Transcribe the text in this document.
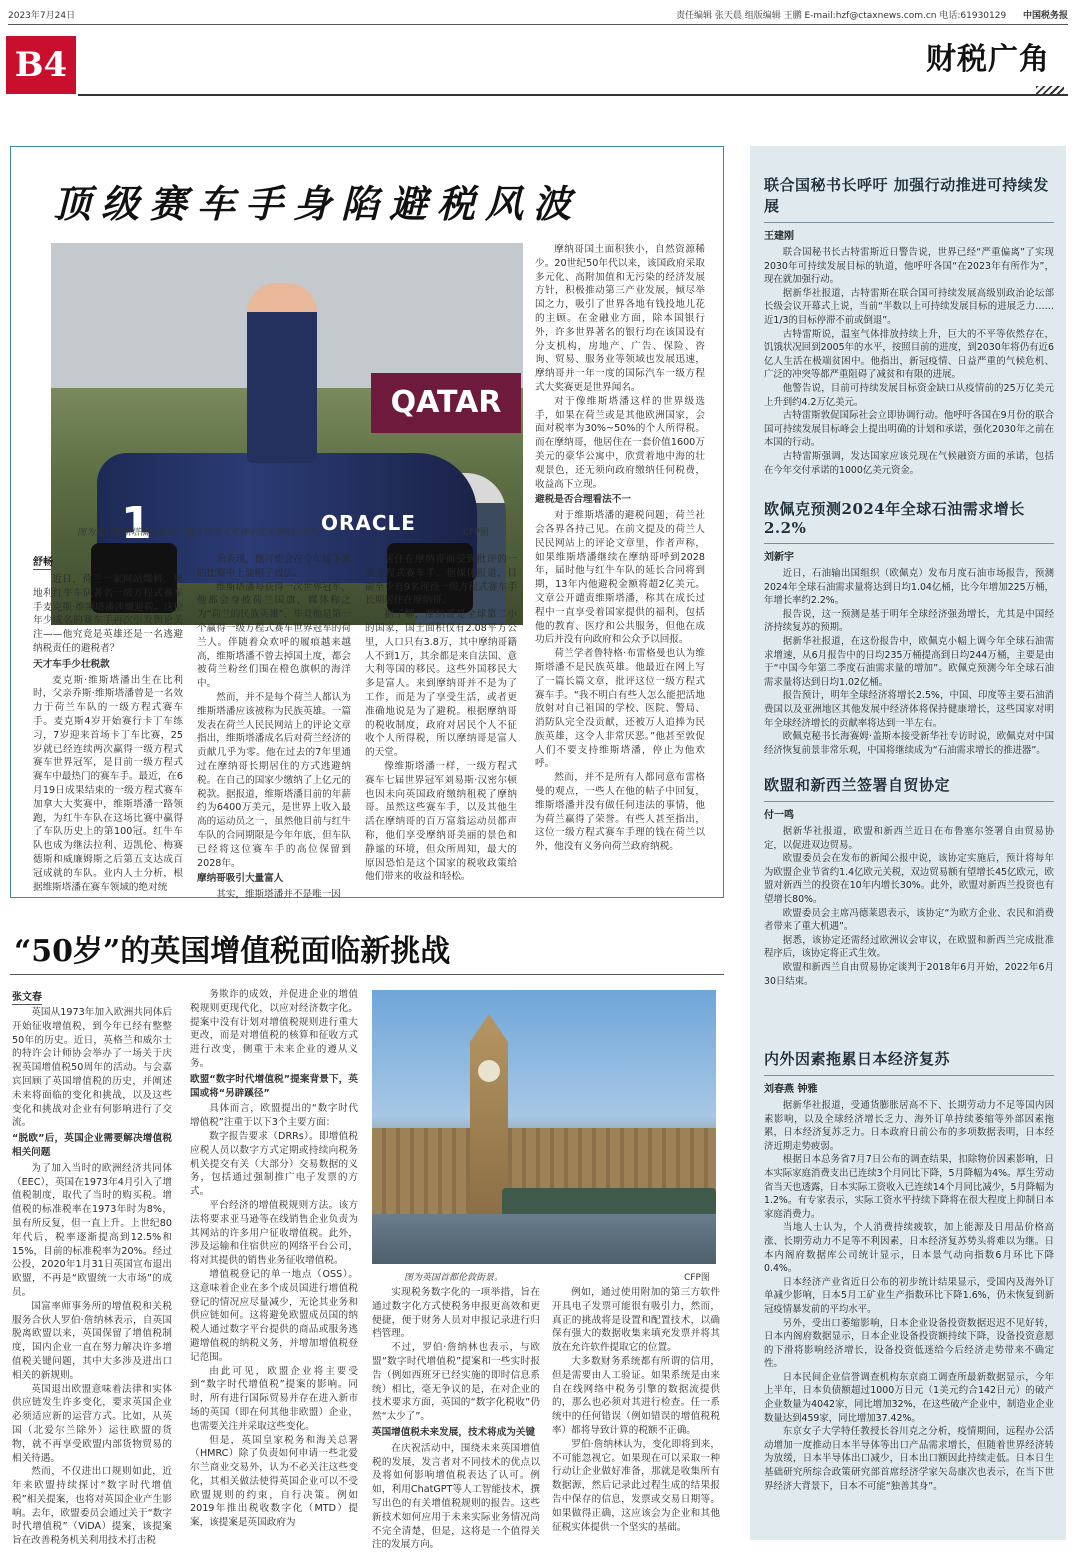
2023年7月24日	责任编辑 张天晨 组版编辑 王鹏 E-mail:hzf@ctaxnews.com.cn 电话:61930129 中国税务报
B4	财税广角
顶级赛车手身陷避税风波
QATAR
1	ORACLE
图为近日维斯塔潘在英国一级方程式大奖赛中迎来第6站夺冠。	CFP图
舒畅

近日，荷兰一家网站爆料，奥地利红牛车队著名一级方程式赛车手麦克斯·维斯塔潘涉嫌避税。这位年少成名的赛车手再次引发舆论关注——他究竟是英雄还是一名逃避纳税责任的避税者？

天才车手少壮税款

麦克斯·维斯塔潘出生在比利时，父亲乔斯·维斯塔潘曾是一名效力于荷兰车队的一级方程式赛车手。麦克斯4岁开始赛行卡丁车练习，7岁迎来首场卡丁车比赛，25岁就已经连续两次赢得一级方程式赛车世界冠军，是目前一级方程式赛车中最热门的赛车手。最近，在6月19日成果结束的一级方程式赛车加拿大大奖赛中，维斯塔潘一路领跑，为红牛车队在这场比赛中赢得了车队历史上的第100冠。红牛车队也成为继法拉利、迈凯伦、梅赛德斯和威廉姆斯之后第五支达成百冠成就的车队。业内人士分析，根据维斯塔潘在赛车领域的绝对统

治表现，他可能会在今年接下来的比赛中上演帽子戏法。

维斯塔潘每获得一次世界冠军，他都会身披荷兰国旗，媒体称之为“荷兰的民族英雄”，毕竟他是第一个赢得一级方程式赛车世界冠军的荷兰人。伴随着众欢呼的履痕越来越高，维斯塔潘不曾去掉国土度，都会被荷兰粉丝们围在橙色旗帜的海洋中。

然而，并不是每个荷兰人都认为维斯塔潘应该被称为民族英雄。一篇发表在荷兰人民民网站上的评论文章指出，维斯塔潘成名后对荷兰经济的贡献几乎为零。他在过去的7年里通过在摩纳哥长期居住的方式逃避纳税。在自己的国家少缴纳了上亿元的税款。据报道，维斯塔潘目前的年薪约为6400万美元，是世界上收入最高的运动员之一，虽然他目前与红牛车队的合同期限是今年年底，但车队已经将这位赛车手的高位保留到2028年。

摩纳哥吸引大量富人

其实，维斯塔潘并不是唯一因

居住在摩纳哥而受到批评的一级方程式赛车手。据媒体报道，目前至少有9名现役一级方程式赛车手长期居住在摩纳哥。

据了解，摩纳哥是全球第二小的国家，国土面积仅有2.08平方公里，人口只有3.8万，其中摩纳哥籍人不到1万，其余都是来自法国、意大利等国的移民。这些外国移民大多是富人。来到摩纳哥并不是为了工作，而是为了享受生活，或者更准确地说是为了避税。根据摩纳哥的税收制度，政府对居民个人不征收个人所得税，所以摩纳哥是富人的天堂。

像维斯塔潘一样，一级方程式赛车七届世界冠军刘易斯·汉密尔顿也因未向英国政府缴纳租税了摩纳哥。虽然这些赛车手，以及其他生活在摩纳哥的百万富翁运动员都声称，他们享受摩纳哥美丽的景色和静谧的环境，但众所周知，最大的原因恐怕是这个国家的税收政策给他们带来的收益和轻松。

摩纳哥国土面积狭小，自然资源稀少。20世纪50年代以来，该国政府采取多元化、高附加值和无污染的经济发展方针，积极推动第三产业发展，倾尽举国之力，吸引了世界各地有钱投地儿花的主顾。在金融业方面，除本国银行外，许多世界著名的银行均在该国设有分支机构，房地产、广告、保险、咨询、贸易、服务业等领域也发展迅速，摩纳哥并一年一度的国际汽车一级方程式大奖赛更是世界闻名。

对于像维斯塔潘这样的世界级选手，如果在荷兰或是其他欧洲国家，会面对税率为30%~50%的个人所得税。而在摩纳哥，他居住在一套价值1600万美元的豪华公寓中，欣赏着地中海的壮观景色，还无须向政府缴纳任何税费，收益高下立现。

避税是否合理看法不一

对于维斯塔潘的避税问题，荷兰社会各界各持己见。在前文提及的荷兰人民民网站上的评论文章里，作者声称，如果维斯塔潘继续在摩纳哥呼到2028年，届时他与红牛车队的延长合同将到期，13年内他避税金额将超2亿美元。文章公开谴责维斯塔潘，称其在成长过程中一直享受着国家提供的福利，包括他的教育、医疗和公共服务，但他在成功后并没有向政府和公众予以回报。

荷兰学者鲁特格·布雷格曼也认为维斯塔潘不是民族英雄。他最近在网上写了一篇长篇文章，批评这位一级方程式赛车手。“我不明白有些人怎么能把活地放射对自己祖国的学校、医院、警局、消防队完全没贡献，还被万人追捧为民族英雄，这令人非常厌恶。”他甚至敦促人们不要支持维斯塔潘，停止为他欢呼。

然而，并不是所有人都同意布雷格曼的观点，一些人在他的帖子中回复，维斯塔潘并没有做任何违法的事情，他为荷兰赢得了荣誉。有些人甚至指出，这位一级方程式赛车手理的钱在荷兰以外，他没有义务向荷兰政府纳税。

联合国秘书长呼吁 加强行动推进可持续发展
王建刚

联合国秘书长古特雷斯近日警告说，世界已经“严重偏离”了实现2030年可持续发展目标的轨道，他呼吁各国“在2023年有所作为”，现在就加强行动。

据新华社报道，古特雷斯在联合国可持续发展高级别政治论坛部长级会议开幕式上说，当前“半数以上可持续发展目标的进展乏力……近1/3的目标停滞不前或倒退”。

古特雷斯说，温室气体排放持续上升，巨大的不平等依然存在，饥饿状况回到2005年的水平，按照目前的进度，到2030年将仍有近6亿人生活在极端贫困中。他指出，新冠疫情、日益严重的气候危机、广泛的冲突等都严重阻碍了减贫和有限的进展。

他警告说，目前可持续发展目标资金缺口从疫情前的25万亿美元上升到约4.2万亿美元。

古特雷斯敦促国际社会立即协调行动。他呼吁各国在9月份的联合国可持续发展目标峰会上提出明确的计划和承诺，强化2030年之前在本国的行动。

古特雷斯强调，发达国家应该兑现在气候融资方面的承诺，包括在今年交付承诺的1000亿美元资金。

欧佩克预测2024年全球石油需求增长2.2%
刘新宇

近日，石油输出国组织（欧佩克）发布月度石油市场报告，预测2024年全球石油需求量将达到日均1.04亿桶，比今年增加225万桶，年增长率约2.2%。

报告说，这一预测是基于明年全球经济强劲增长，尤其是中国经济持续复苏的预期。

据新华社报道，在这份报告中，欧佩克小幅上调今年全球石油需求增速，从6月报告中的日均235万桶提高到日均244万桶，主要是由于“中国今年第二季度石油需求量的增加”。欧佩克预测今年全球石油需求量将达到日均1.02亿桶。

报告预计，明年全球经济将增长2.5%，中国、印度等主要石油消费国以及亚洲地区其他发展中经济体将保持健康增长，这些国家对明年全球经济增长的贡献率将达到一半左右。

欧佩克秘书长海赛姆·盖斯本接受新华社专访时说，欧佩克对中国经济恢复前景非常乐观，中国将继续成为“石油需求增长的推进器”。

欧盟和新西兰签署自贸协定
付一鸣

据新华社报道，欧盟和新西兰近日在布鲁塞尔签署自由贸易协定，以促进双边贸易。

欧盟委员会在发布的新闻公报中说，该协定实施后，预计将每年为欧盟企业节省约1.4亿欧元关税，双边贸易额有望增长45亿欧元，欧盟对新西兰的投资在10年内增长30%。此外，欧盟对新西兰投资也有望增长80%。

欧盟委员会主席冯德莱恩表示，该协定“为欧方企业、农民和消费者带来了重大机遇”。

据悉，该协定还需经过欧洲议会审议，在欧盟和新西兰完成批准程序后，该协定将正式生效。

欧盟和新西兰自由贸易协定谈判于2018年6月开始，2022年6月30日结束。

内外因素拖累日本经济复苏
刘春燕 钟雅

据新华社报道，受通货膨胀居高不下、长期劳动力不足等国内因素影响，以及全球经济增长乏力、海外订单持续萎缩等外部因素拖累，日本经济复苏乏力。日本政府日前公布的多项数据表明，日本经济近期走势疲弱。

根据日本总务省7月7日公布的调查结果，扣除物价因素影响，日本实际家庭消费支出已连续3个月同比下降，5月降幅为4%。厚生劳动省当天也透露，日本实际工资收入已连续14个月同比减少，5月降幅为1.2%。有专家表示，实际工资水平持续下降将在很大程度上抑制日本家庭消费力。

当地人士认为，个人消费持续疲软，加上能源及日用品价格高涨、长期劳动力不足等不利因素，日本经济复苏势头将难以为继。日本内阁府数据库公司统计显示，日本景气动向指数6月环比下降0.4%。

日本经济产业省近日公布的初步统计结果显示，受国内及海外订单减少影响，日本5月工矿业生产指数环比下降1.6%，仍未恢复到新冠疫情暴发前的平均水平。

另外，受出口萎缩影响，日本企业设备投资数据迟迟不见好转，日本内阁府数据显示，日本企业设备投资额持续下降，设备投资意愿的下滑将影响经济增长，设备投资低迷给今后经济走势带来不确定性。

日本民间企业信誉调查机构东京商工调查所最新数据显示，今年上半年，日本负债额超过1000万日元（1美元约合142日元）的破产企业数量为4042家，同比增加32%，在这些破产企业中，制造业企业数量达到459家，同比增加37.42%。

东京女子大学特任教授长谷川克之分析，疫情期间，远程办公活动增加一度推动日本半导体等出口产品需求增长，但随着世界经济转为放缓，日本半导体出口减少，日本出口额因此持续走低。日本日生基础研究所综合政策研究部首席经济学家矢岛康次也表示，在当下世界经济大背景下，日本不可能“独善其身”。

“50岁”的英国增值税面临新挑战
张文春

英国从1973年加入欧洲共同体后开始征收增值税，到今年已经有整整50年的历史。近日，英格兰和威尔士的特许会计师协会举办了一场关于庆祝英国增值税50周年的活动。与会嘉宾回顾了英国增值税的历史，并阐述未来将面临的变化和挑战，以及这些变化和挑战对企业有何影响进行了交流。

“脱欧”后，英国企业需要解决增值税相关问题

为了加入当时的欧洲经济共同体（EEC），英国在1973年4月引入了增值税制度，取代了当时的购买税。增值税的标准税率在1973年时为8%，虽有所反复，但一直上升。上世纪80年代后，税率逐渐提高到12.5%和15%，目前的标准税率为20%。经过公投，2020年1月31日英国宣布退出欧盟，不再是“欧盟统一大市场”的成员。

国富率师事务所的增值税和关税服务合伙人罗伯·詹纳林表示，自英国脱离欧盟以来，英国保留了增值税制度，国内企业一直在努力解决许多增值税关键问题，其中大多涉及进出口相关的新规则。

英国退出欧盟意味着法律和实体供应链发生许多变化，要求英国企业必须适应新的运营方式。比如，从英国（北爱尔兰除外）运往欧盟的货物，就不再享受欧盟内部货物贸易的相关待遇。

然而，不仅进出口规则如此，近年来欧盟持续探讨“数字时代增值税”相关提案，也将对英国企业产生影响。去年，欧盟委员会通过关于“数字时代增值税”（ViDA）提案，该提案旨在改善税务机关利用技术打击税

务欺诈的成效，并促进企业的增值税规则更现代化，以应对经济数字化。提案中没有计划对增值税规则进行重大更改，而是对增值税的核算和征收方式进行改变，侧重于未来企业的遵从义务。

欧盟“数字时代增值税”提案背景下，英国或将“另辟蹊径”

具体而言，欧盟提出的“数字时代增值税”注重于以下3个主要方面：

数字报告要求（DRRs）。即增值税应税人员以数字方式定期或持续向税务机关提交有关（大部分）交易数据的义务，包括通过强制推广电子发票的方式。

平台经济的增值税规则方法。该方法将要求亚马逊等在线销售企业负责为其网站的许多用户征收增值税。此外，涉及运输和住宿供应的网络平台公司，将对其提供的销售业务征收增值税。

增值税登记的单一地点（OSS）。这意味着企业在多个成员国进行增值税登记的情况应尽量减少，无论其业务和供应链如何。这将避免欧盟成员国的纳税人通过数字平台提供的商品或服务逃避增值税的纳税义务，并增加增值税登记范围。

由此可见，欧盟企业将主要受到“数字时代增值税”提案的影响。同时，所有进行国际贸易并存在进入新市场的英国（即在何其他非欧盟）企业，也需要关注并采取这些变化。

但是，英国皇家税务和海关总署（HMRC）除了负责如何申请一些北爱尔兰商业交易外，认为不必关注这些变化，其相关做法使得英国企业可以不受欧盟规则的约束，自行决策。例如2019年推出税收数字化（MTD）提案，该提案是英国政府为

图为英国首都伦敦街景。	CFP图

实现税务数字化的一项举措，旨在通过数字化方式使税务申报更高效和更便捷，便于财务人员对申报记录进行归档管理。

不过，罗伯·詹纳林也表示，与欧盟“数字时代增值税”提案和一些实时报告（例如西班牙已经实施的即时信息系统）相比，毫无争议的是，在对企业的技术要求方面，英国的“数字化税收”仍然“太少了”。

英国增值税未来发展，技术将成为关键

在庆祝活动中，围绕未来英国增值税的发展，发言者对不同技术的优点以及将如何影响增值税表达了认可。例如，利用ChatGPT等人工智能技术，撰写出色的有关增值税规则的报告。这些新技术如何应用于未来实际业务情况尚不完全清楚，但是，这将是一个值得关注的发展方向。

例如，通过使用附加的第三方软件开具电子发票可能很有吸引力，然而，真正的挑战将是设置和配置技术，以确保有强大的数据收集来填充发票并将其放在允许软件提取它的位置。

大多数财务系统都有所谓的信用，但是需要由人工验证。如果系统是由来自在线网络中税务引擎的数据流提供的，那么也必须对其进行检查。任一系统中的任何错误（例如错误的增值税税率）都将导致计算的税额不正确。

罗伯·詹纳林认为，变化即将到来，不可能忽视它。如果现在可以采取一种行动让企业做好准备，那就是收集所有数据源，然后记录此过程生成的结果报告中保存的信息，发票或交易日期等。如果做得正确，这应该会为企业和其他征税实体提供一个坚实的基础。
